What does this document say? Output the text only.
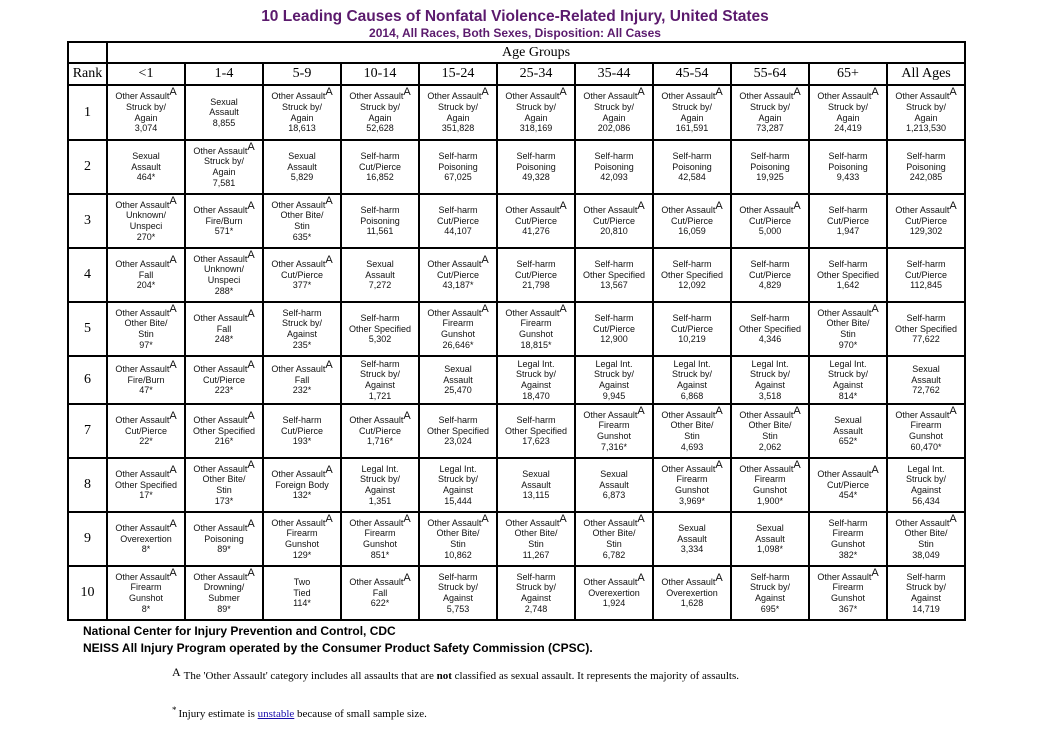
10 Leading Causes of Nonfatal Violence-Related Injury, United States
2014, All Races, Both Sexes, Disposition: All Cases
	Age Groups										
Rank	<1	1-4	5-9	10-14	15-24	25-34	35-44	45-54	55-64	65+	All Ages
1	Other Assault$^A$
Struck by/
Again
3,074	Sexual
Assault
8,855	Other Assault$^A$
Struck by/
Again
18,613	Other Assault$^A$
Struck by/
Again
52,628	Other Assault$^A$
Struck by/
Again
351,828	Other Assault$^A$
Struck by/
Again
318,169	Other Assault$^A$
Struck by/
Again
202,086	Other Assault$^A$
Struck by/
Again
161,591	Other Assault$^A$
Struck by/
Again
73,287	Other Assault$^A$
Struck by/
Again
24,419	Other Assault$^A$
Struck by/
Again
1,213,530

2	Sexual
Assault
464*	Other Assault$^A$
Struck by/
Again
7,581	Sexual
Assault
5,829	Self-harm
Cut/Pierce
16,852	Self-harm
Poisoning
67,025	Self-harm
Poisoning
49,328	Self-harm
Poisoning
42,093	Self-harm
Poisoning
42,584	Self-harm
Poisoning
19,925	Self-harm
Poisoning
9,433	Self-harm
Poisoning
242,085

3	Other Assault$^A$
Unknown/
Unspeci
270*	Other Assault$^A$
Fire/Burn
571*	Other Assault$^A$
Other Bite/
Stin
635*	Self-harm
Poisoning
11,561	Self-harm
Cut/Pierce
44,107	Other Assault$^A$
Cut/Pierce
41,276	Other Assault$^A$
Cut/Pierce
20,810	Other Assault$^A$
Cut/Pierce
16,059	Other Assault$^A$
Cut/Pierce
5,000	Self-harm
Cut/Pierce
1,947	Other Assault$^A$
Cut/Pierce
129,302

4	Other Assault$^A$
Fall
204*	Other Assault$^A$
Unknown/
Unspeci
288*	Other Assault$^A$
Cut/Pierce
377*	Sexual
Assault
7,272	Other Assault$^A$
Cut/Pierce
43,187*	Self-harm
Cut/Pierce
21,798	Self-harm
Other Specified
13,567	Self-harm
Other Specified
12,092	Self-harm
Cut/Pierce
4,829	Self-harm
Other Specified
1,642	Self-harm
Cut/Pierce
112,845

5	Other Assault$^A$
Other Bite/
Stin
97*	Other Assault$^A$
Fall
248*	Self-harm
Struck by/
Against
235*	Self-harm
Other Specified
5,302	Other Assault$^A$
Firearm
Gunshot
26,646*	Other Assault$^A$
Firearm
Gunshot
18,815*	Self-harm
Cut/Pierce
12,900	Self-harm
Cut/Pierce
10,219	Self-harm
Other Specified
4,346	Other Assault$^A$
Other Bite/
Stin
970*	Self-harm
Other Specified
77,622

6	Other Assault$^A$
Fire/Burn
47*	Other Assault$^A$
Cut/Pierce
223*	Other Assault$^A$
Fall
232*	Self-harm
Struck by/
Against
1,721	Sexual
Assault
25,470	Legal Int.
Struck by/
Against
18,470	Legal Int.
Struck by/
Against
9,945	Legal Int.
Struck by/
Against
6,868	Legal Int.
Struck by/
Against
3,518	Legal Int.
Struck by/
Against
814*	Sexual
Assault
72,762

7	Other Assault$^A$
Cut/Pierce
22*	Other Assault$^A$
Other Specified
216*	Self-harm
Cut/Pierce
193*	Other Assault$^A$
Cut/Pierce
1,716*	Self-harm
Other Specified
23,024	Self-harm
Other Specified
17,623	Other Assault$^A$
Firearm
Gunshot
7,316*	Other Assault$^A$
Other Bite/
Stin
4,693	Other Assault$^A$
Other Bite/
Stin
2,062	Sexual
Assault
652*	Other Assault$^A$
Firearm
Gunshot
60,470*

8	Other Assault$^A$
Other Specified
17*	Other Assault$^A$
Other Bite/
Stin
173*	Other Assault$^A$
Foreign Body
132*	Legal Int.
Struck by/
Against
1,351	Legal Int.
Struck by/
Against
15,444	Sexual
Assault
13,115	Sexual
Assault
6,873	Other Assault$^A$
Firearm
Gunshot
3,969*	Other Assault$^A$
Firearm
Gunshot
1,900*	Other Assault$^A$
Cut/Pierce
454*	Legal Int.
Struck by/
Against
56,434

9	Other Assault$^A$
Overexertion
8*	Other Assault$^A$
Poisoning
89*	Other Assault$^A$
Firearm
Gunshot
129*	Other Assault$^A$
Firearm
Gunshot
851*	Other Assault$^A$
Other Bite/
Stin
10,862	Other Assault$^A$
Other Bite/
Stin
11,267	Other Assault$^A$
Other Bite/
Stin
6,782	Sexual
Assault
3,334	Sexual
Assault
1,098*	Self-harm
Firearm
Gunshot
382*	Other Assault$^A$
Other Bite/
Stin
38,049

10	Other Assault$^A$
Firearm
Gunshot
8*	Other Assault$^A$
Drowning/
Submer
89*	Two
Tied
114*	Other Assault$^A$
Fall
622*	Self-harm
Struck by/
Against
5,753	Self-harm
Struck by/
Against
2,748	Other Assault$^A$
Overexertion
1,924	Other Assault$^A$
Overexertion
1,628	Self-harm
Struck by/
Against
695*	Other Assault$^A$
Firearm
Gunshot
367*	Self-harm
Struck by/
Against
14,719
National Center for Injury Prevention and Control, CDC
NEISS All Injury Program operated by the Consumer Product Safety Commission (CPSC).
A The 'Other Assault' category includes all assaults that are not classified as sexual assault. It represents the majority of assaults.
* Injury estimate is unstable because of small sample size.
